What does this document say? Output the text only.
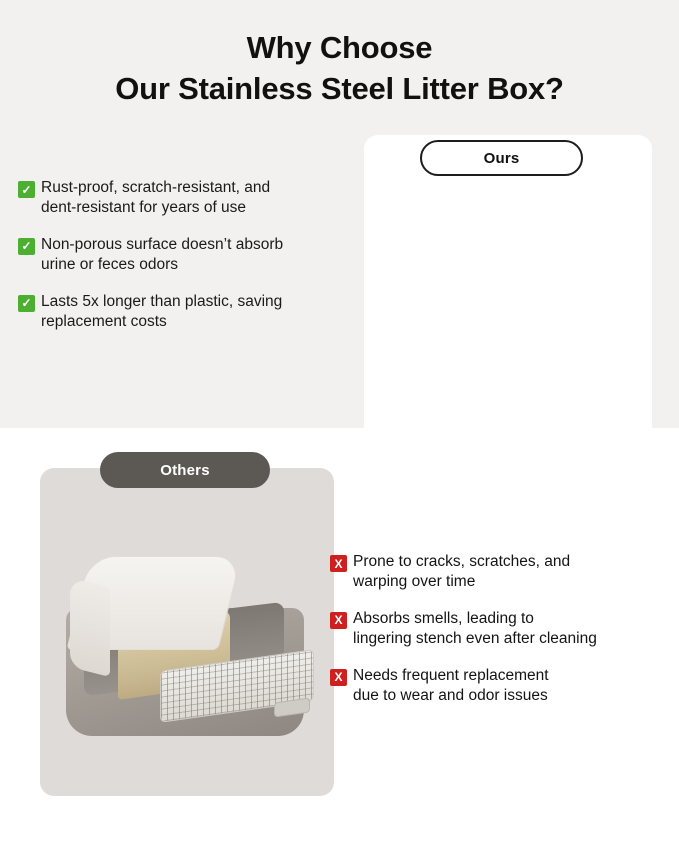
Why Choose
Our Stainless Steel Litter Box?
Ours
Others
✓ Rust-proof, scratch-resistant, and
dent-resistant for years of use
✓ Non-porous surface doesn’t absorb
urine or feces odors
✓ Lasts 5x longer than plastic, saving
replacement costs
X Prone to cracks, scratches, and
warping over time
X Absorbs smells, leading to
lingering stench even after cleaning
X Needs frequent replacement
due to wear and odor issues
